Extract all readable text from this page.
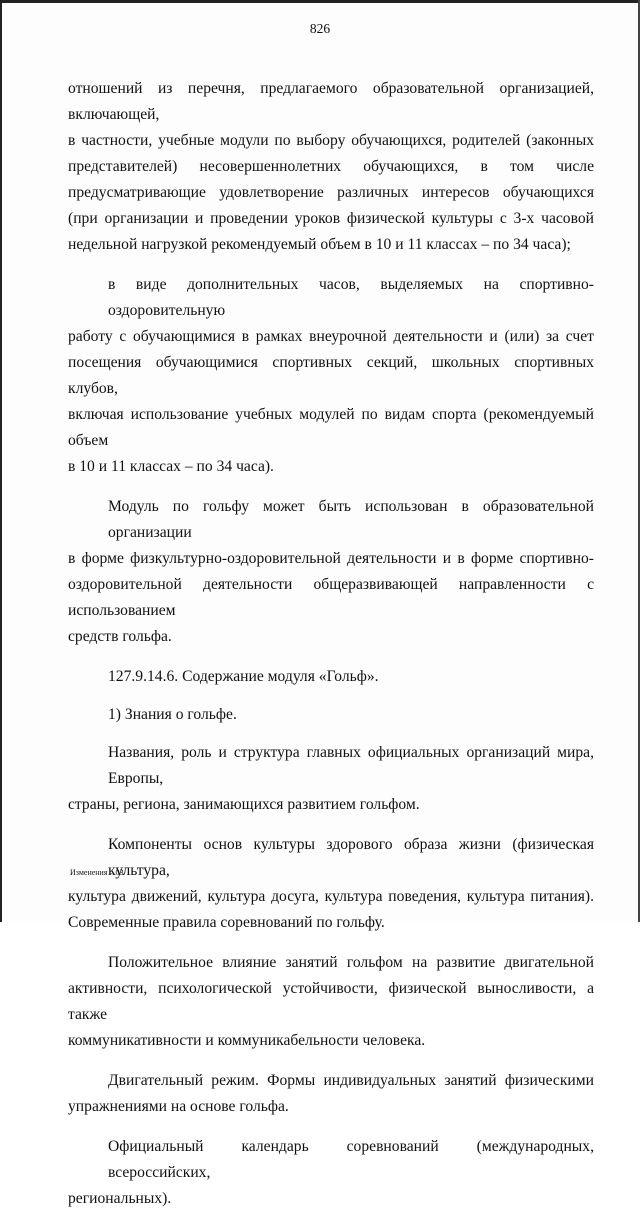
826
отношений из перечня, предлагаемого образовательной организацией, включающей,
в частности, учебные модули по выбору обучающихся, родителей (законных
представителей) несовершеннолетних обучающихся, в том числе
предусматривающие удовлетворение различных интересов обучающихся
(при организации и проведении уроков физической культуры с 3-х часовой
недельной нагрузкой рекомендуемый объем в 10 и 11 классах – по 34 часа);
в виде дополнительных часов, выделяемых на спортивно-оздоровительную
работу с обучающимися в рамках внеурочной деятельности и (или) за счет
посещения обучающимися спортивных секций, школьных спортивных клубов,
включая использование учебных модулей по видам спорта (рекомендуемый объем
в 10 и 11 классах – по 34 часа).
Модуль по гольфу может быть использован в образовательной организации
в форме физкультурно-оздоровительной деятельности и в форме спортивно-
оздоровительной деятельности общеразвивающей направленности с использованием
средств гольфа.
127.9.14.6. Содержание модуля «Гольф».
1) Знания о гольфе.
Названия, роль и структура главных официальных организаций мира, Европы,
страны, региона, занимающихся развитием гольфом.
Компоненты основ культуры здорового образа жизни (физическая культура,
культура движений, культура досуга, культура поведения, культура питания).
Современные правила соревнований по гольфу.
Положительное влияние занятий гольфом на развитие двигательной
активности, психологической устойчивости, физической выносливости, а также
коммуникативности и коммуникабельности человека.
Двигательный режим. Формы индивидуальных занятий физическими
упражнениями на основе гольфа.
Официальный календарь соревнований (международных, всероссийских,
региональных).
Изменения – 03
